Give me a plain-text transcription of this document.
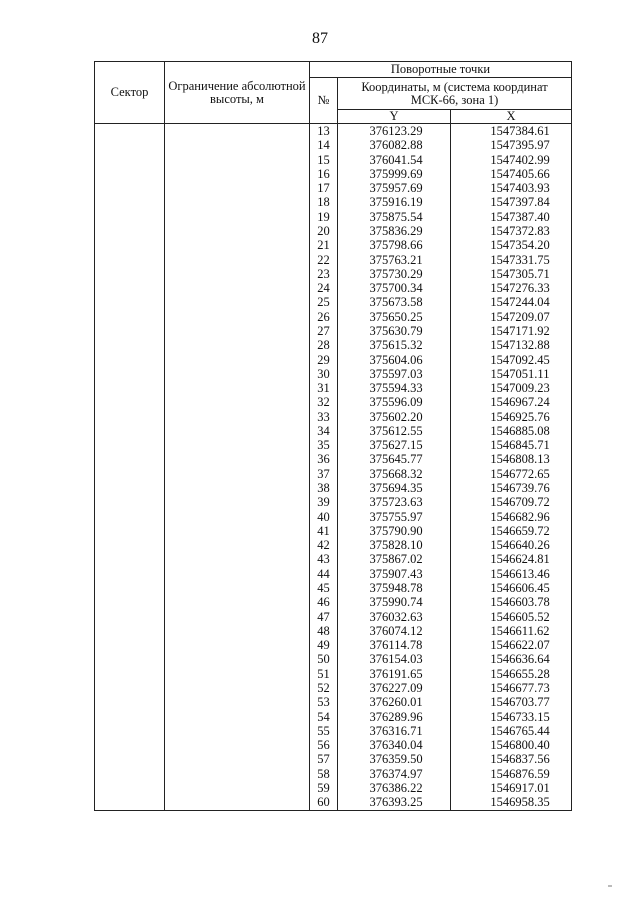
87
Сектор	Ограничение абсолютной высоты, м	Поворотные точки		
		№	Координаты, м (система координат МСК-66, зона 1)	
			Y	X
		13	376123.29	1547384.61
		14	376082.88	1547395.97
		15	376041.54	1547402.99
		16	375999.69	1547405.66
		17	375957.69	1547403.93
		18	375916.19	1547397.84
		19	375875.54	1547387.40
		20	375836.29	1547372.83
		21	375798.66	1547354.20
		22	375763.21	1547331.75
		23	375730.29	1547305.71
		24	375700.34	1547276.33
		25	375673.58	1547244.04
		26	375650.25	1547209.07
		27	375630.79	1547171.92
		28	375615.32	1547132.88
		29	375604.06	1547092.45
		30	375597.03	1547051.11
		31	375594.33	1547009.23
		32	375596.09	1546967.24
		33	375602.20	1546925.76
		34	375612.55	1546885.08
		35	375627.15	1546845.71
		36	375645.77	1546808.13
		37	375668.32	1546772.65
		38	375694.35	1546739.76
		39	375723.63	1546709.72
		40	375755.97	1546682.96
		41	375790.90	1546659.72
		42	375828.10	1546640.26
		43	375867.02	1546624.81
		44	375907.43	1546613.46
		45	375948.78	1546606.45
		46	375990.74	1546603.78
		47	376032.63	1546605.52
		48	376074.12	1546611.62
		49	376114.78	1546622.07
		50	376154.03	1546636.64
		51	376191.65	1546655.28
		52	376227.09	1546677.73
		53	376260.01	1546703.77
		54	376289.96	1546733.15
		55	376316.71	1546765.44
		56	376340.04	1546800.40
		57	376359.50	1546837.56
		58	376374.97	1546876.59
		59	376386.22	1546917.01
		60	376393.25	1546958.35
